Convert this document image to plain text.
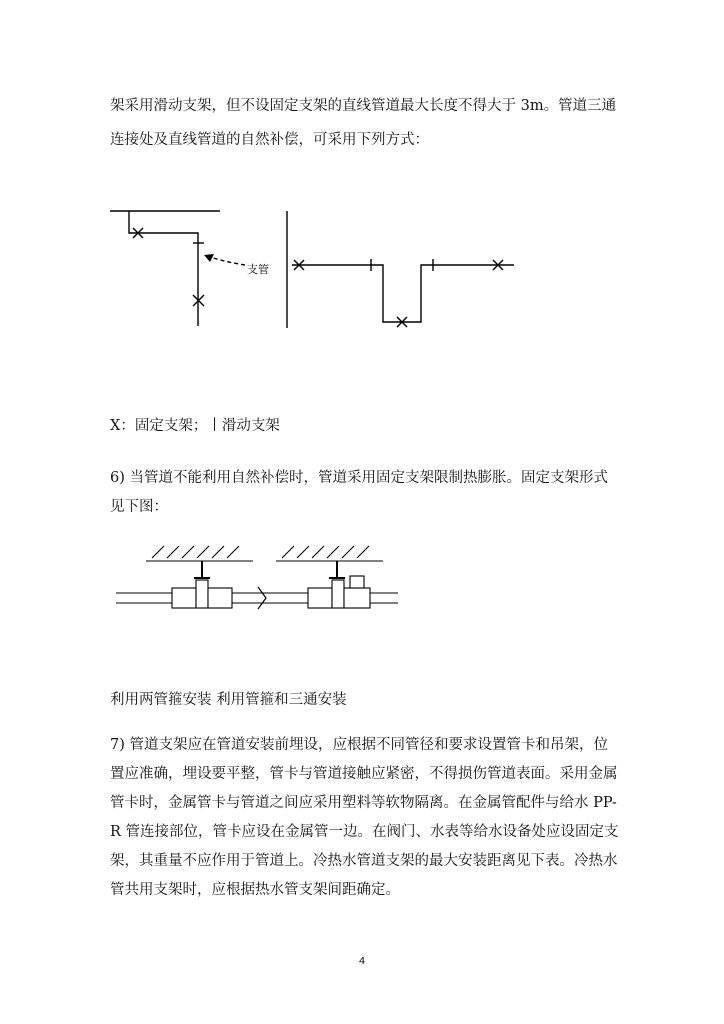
架采用滑动支架，但不设固定支架的直线管道最大长度不得大于 3m。管道三通
连接处及直线管道的自然补偿，可采用下列方式：
支管
X：固定支架；丨滑动支架
6) 当管道不能利用自然补偿时，管道采用固定支架限制热膨胀。固定支架形式
见下图：
利用两管箍安装 利用管箍和三通安装
7) 管道支架应在管道安装前埋设，应根据不同管径和要求设置管卡和吊架，位
置应准确，埋设要平整，管卡与管道接触应紧密，不得损伤管道表面。采用金属
管卡时，金属管卡与管道之间应采用塑料等软物隔离。在金属管配件与给水 PP-
R 管连接部位，管卡应设在金属管一边。在阀门、水表等给水设备处应设固定支
架，其重量不应作用于管道上。冷热水管道支架的最大安装距离见下表。冷热水
管共用支架时，应根据热水管支架间距确定。
4
